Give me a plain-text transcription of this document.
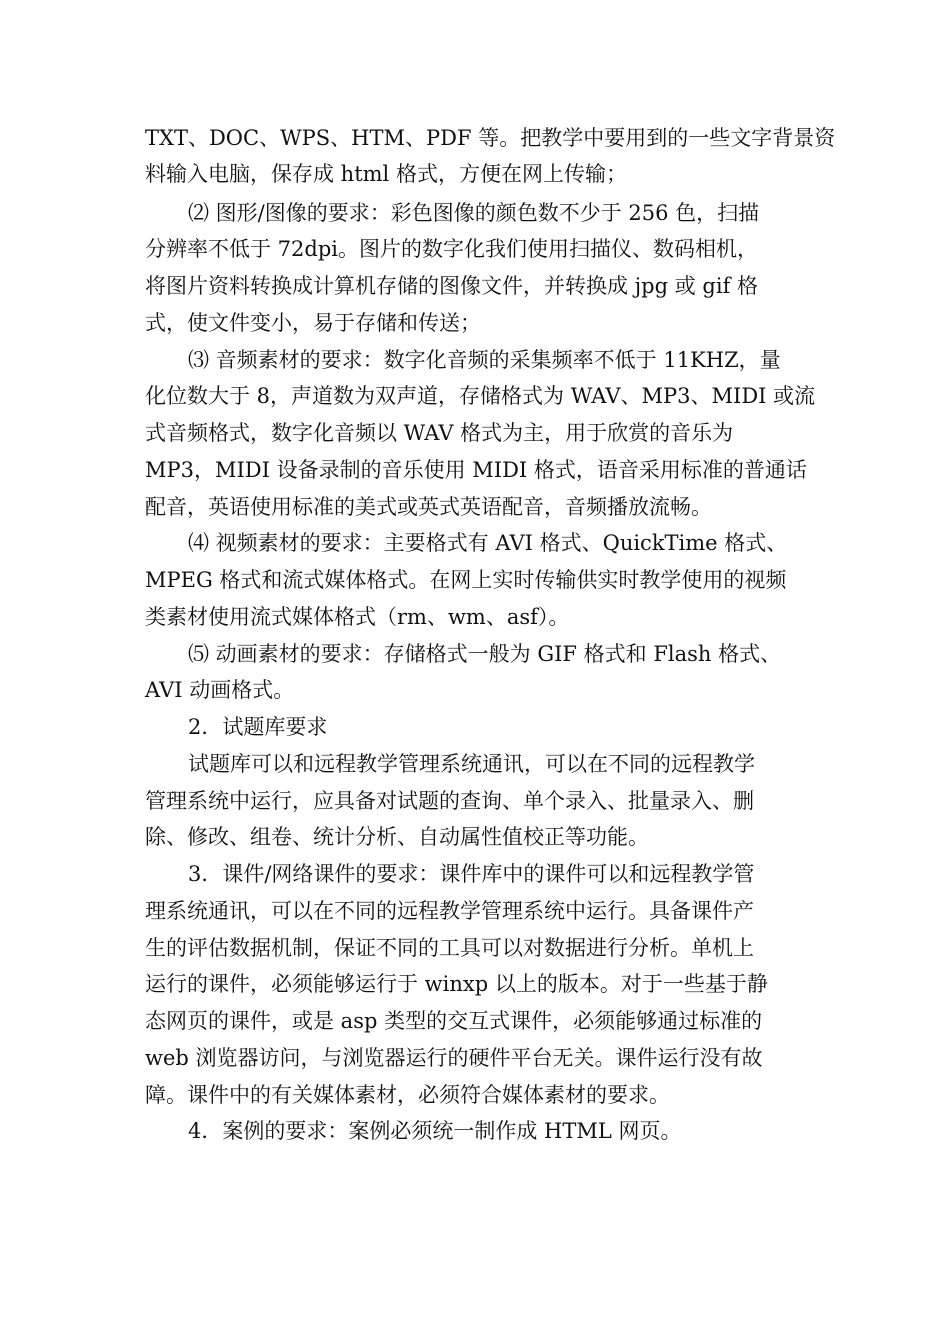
TXT、DOC、WPS、HTM、PDF 等。把教学中要用到的一些文字背景资
料输入电脑，保存成 html 格式，方便在网上传输；
⑵ 图形/图像的要求：彩色图像的颜色数不少于 256 色，扫描
分辨率不低于 72dpi。图片的数字化我们使用扫描仪、数码相机，
将图片资料转换成计算机存储的图像文件，并转换成 jpg 或 gif 格
式，使文件变小，易于存储和传送；
⑶ 音频素材的要求：数字化音频的采集频率不低于 11KHZ，量
化位数大于 8，声道数为双声道，存储格式为 WAV、MP3、MIDI 或流
式音频格式，数字化音频以 WAV 格式为主，用于欣赏的音乐为
MP3，MIDI 设备录制的音乐使用 MIDI 格式，语音采用标准的普通话
配音，英语使用标准的美式或英式英语配音，音频播放流畅。
⑷ 视频素材的要求：主要格式有 AVI 格式、QuickTime 格式、
MPEG 格式和流式媒体格式。在网上实时传输供实时教学使用的视频
类素材使用流式媒体格式（rm、wm、asf）。
⑸ 动画素材的要求：存储格式一般为 GIF 格式和 Flash 格式、
AVI 动画格式。
2．试题库要求
试题库可以和远程教学管理系统通讯，可以在不同的远程教学
管理系统中运行，应具备对试题的查询、单个录入、批量录入、删
除、修改、组卷、统计分析、自动属性值校正等功能。
3．课件/网络课件的要求：课件库中的课件可以和远程教学管
理系统通讯，可以在不同的远程教学管理系统中运行。具备课件产
生的评估数据机制，保证不同的工具可以对数据进行分析。单机上
运行的课件，必须能够运行于 winxp 以上的版本。对于一些基于静
态网页的课件，或是 asp 类型的交互式课件，必须能够通过标准的
web 浏览器访问，与浏览器运行的硬件平台无关。课件运行没有故
障。课件中的有关媒体素材，必须符合媒体素材的要求。
4．案例的要求：案例必须统一制作成 HTML 网页。
